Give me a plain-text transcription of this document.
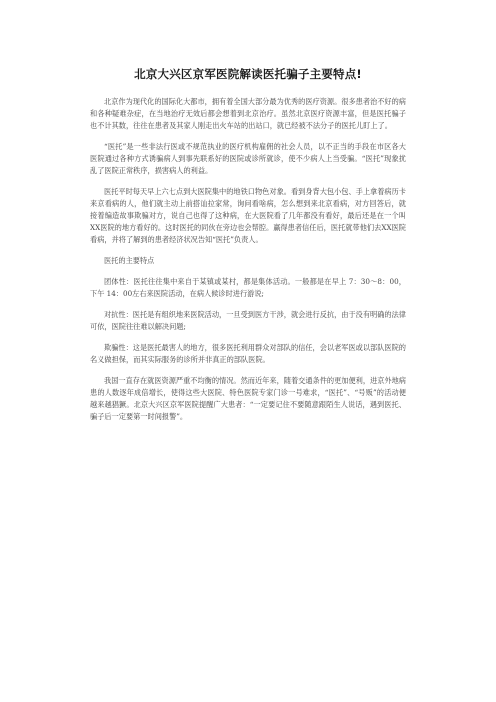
北京大兴区京军医院解读医托骗子主要特点!

北京作为现代化的国际化大都市，拥有着全国大部分最为优秀的医疗资源。很多患者治不好的病和各种疑难杂症，在当地治疗无效后都会想着到北京治疗。虽然北京医疗资源丰富，但是医托骗子也不计其数，往往在患者及其家人刚走出火车站的出站口，就已经被不法分子的医托儿盯上了。

“医托”是一些非法行医或不规范执业的医疗机构雇佣的社会人员，以不正当的手段在市区各大医院通过各种方式诱骗病人到事先联系好的医院或诊所就诊，使不少病人上当受骗。“医托”现象扰乱了医院正常秩序，损害病人的利益。

医托平时每天早上六七点到大医院集中的地铁口物色对象。看到身背大包小包、手上拿着病历卡来京看病的人，他们就主动上前搭讪拉家常，询问看啥病，怎么想到来北京看病，对方回答后，就接着编造故事欺骗对方，说自己也得了这种病，在大医院看了几年都没有看好，最后还是在一个叫XX医院的地方看好的。这时医托的同伙在旁边也会帮腔。赢得患者信任后，医托就带他们去XX医院看病，并将了解到的患者经济状况告知“医托”负责人。

医托的主要特点

团体性：医托往往集中来自于某镇或某村，都是集体活动。一般都是在早上 7：30～8：00，下午 14：00左右来医院活动，在病人候诊时进行游说;

对抗性：医托是有组织地来医院活动，一旦受到医方干涉，就会进行反抗，由于没有明确的法律可依，医院往往难以解决问题;

欺骗性：这是医托最害人的地方，很多医托利用群众对部队的信任，会以老军医或以部队医院的名义做担保，而其实际服务的诊所并非真正的部队医院。

我国一直存在就医资源严重不均衡的情况。然而近年来，随着交通条件的更加便利，进京外地病患的人数逐年成倍增长，使得这些大医院、特色医院专家门诊一号难求，“医托”、“号贩”的活动便越来越猖獗。北京大兴区京军医院提醒广大患者：“一定要记住不要随意跟陌生人说话，遇到医托、骗子后一定要第一时间报警”。
